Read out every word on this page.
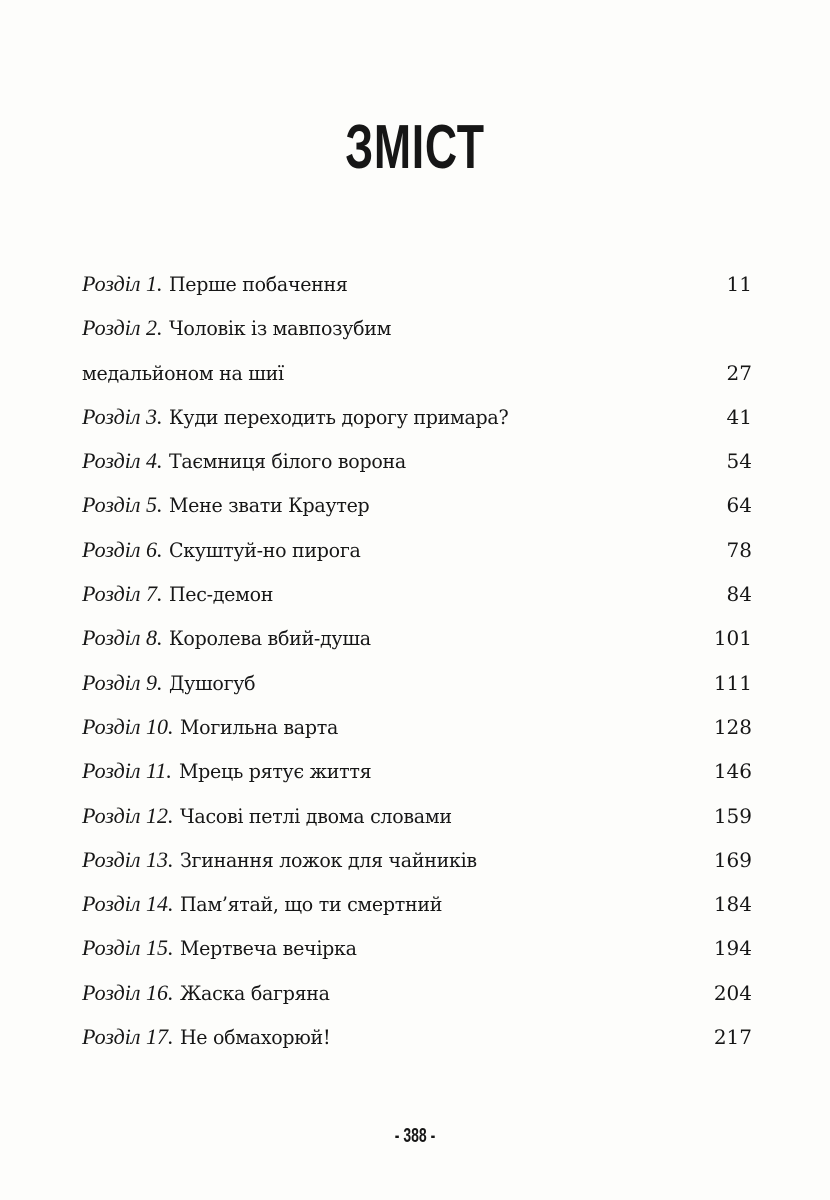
ЗМІСТ
Розділ 1. Перше побачення	11
Розділ 2. Чоловік із мавпозубим
медальйоном на шиї	27
Розділ 3. Куди переходить дорогу примара?	41
Розділ 4. Таємниця білого ворона	54
Розділ 5. Мене звати Краутер	64
Розділ 6. Скуштуй-но пирога	78
Розділ 7. Пес-демон	84
Розділ 8. Королева вбий-душа	101
Розділ 9. Душогуб	111
Розділ 10. Могильна варта	128
Розділ 11. Мрець рятує життя	146
Розділ 12. Часові петлі двома словами	159
Розділ 13. Згинання ложок для чайників	169
Розділ 14. Пам’ятай, що ти смертний	184
Розділ 15. Мертвеча вечірка	194
Розділ 16. Жаска багряна	204
Розділ 17. Не обмахорюй!	217
- 388 -
